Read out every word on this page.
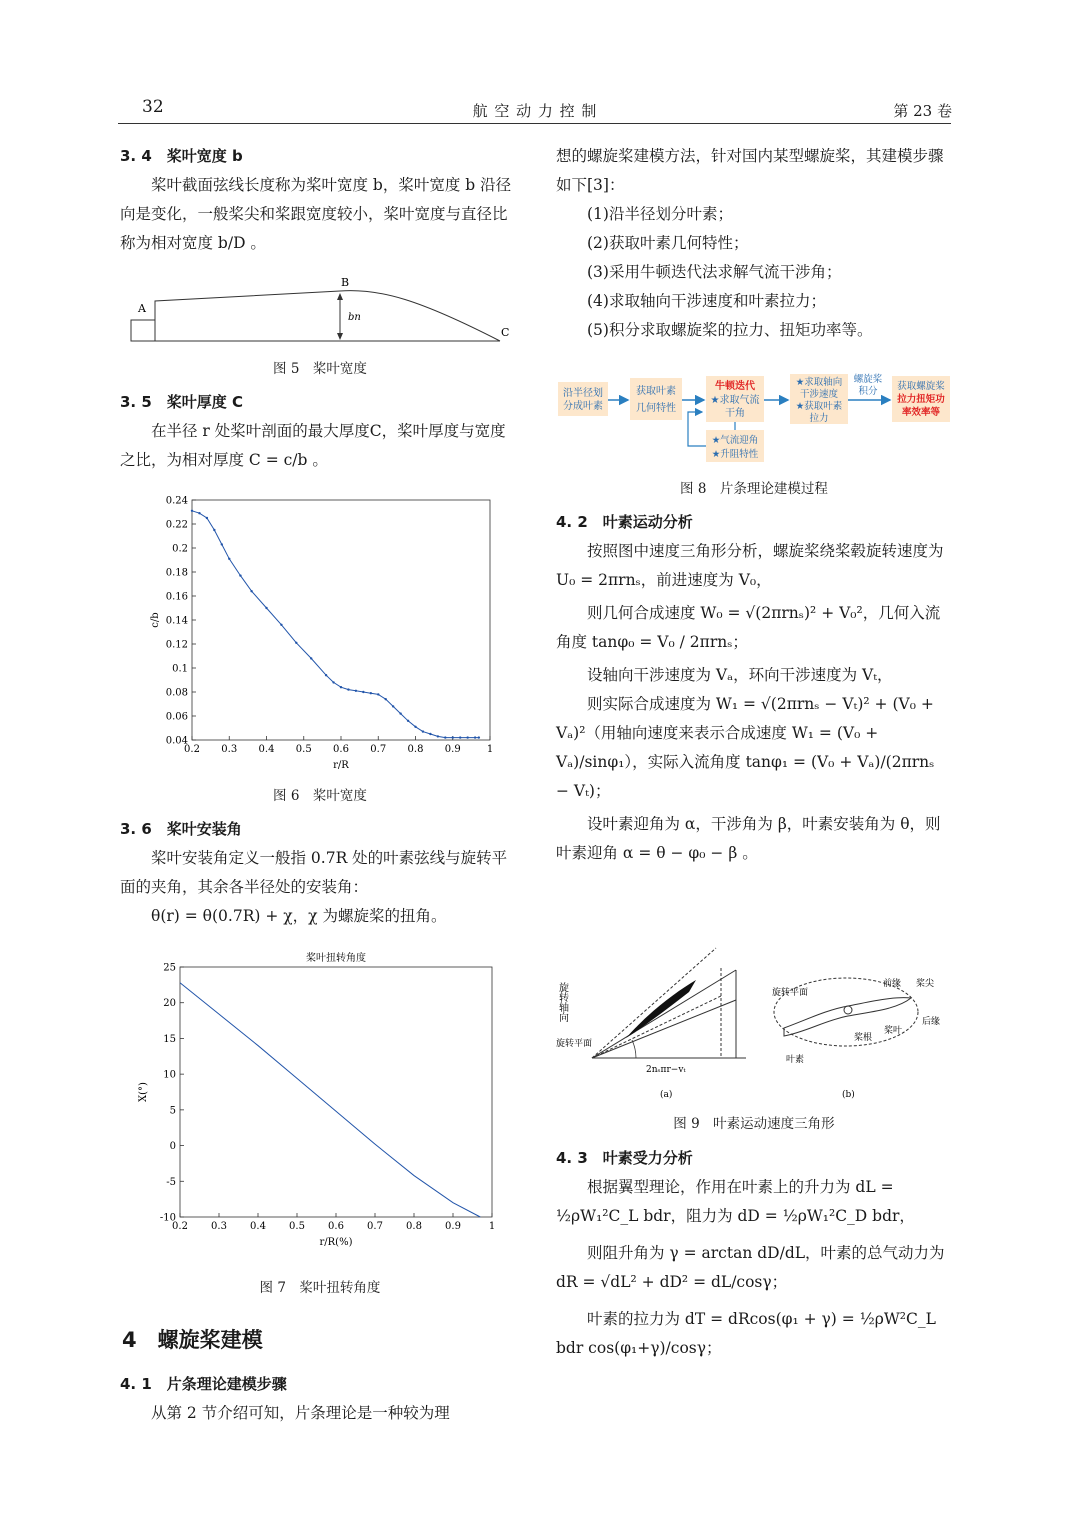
32	航 空 动 力 控 制	第 23 卷
3. 4　桨叶宽度 b

桨叶截面弦线长度称为桨叶宽度 b，桨叶宽度 b 沿径向是变化，一般桨尖和桨跟宽度较小，桨叶宽度与直径比称为相对宽度 b/D 。

A
B
C
bn
图 5　桨叶宽度
3. 5　桨叶厚度 C

在半径 r 处桨叶剖面的最大厚度C，桨叶厚度与宽度之比，为相对厚度 C = c/b 。

0.2 0.3 0.4 0.5 0.6 0.7 0.8 0.9	1
0.04
0.06
0.08
0.1
0.12
0.14
0.16
0.18
0.2
0.22
0.24
r/R
c/b
图 6　桨叶宽度
3. 6　桨叶安装角

桨叶安装角定义一般指 0.7R 处的叶素弦线与旋转平面的夹角，其余各半径处的安装角：

θ(r) = θ(0.7R) + χ，χ 为螺旋桨的扭角。

0.2 0.3 0.4 0.5 0.6 0.7 0.8 0.9	1
-10
-5
0
5
10
15
20
25
r/R(%)
X(°)
桨叶扭转角度
图 7　桨叶扭转角度
4　螺旋桨建模
4. 1　片条理论建模步骤

从第 2 节介绍可知，片条理论是一种较为理

想的螺旋桨建模方法，针对国内某型螺旋桨，其建模步骤如下[3]：

(1)沿半径划分叶素；

(2)获取叶素几何特性；

(3)采用牛顿迭代法求解气流干涉角；

(4)求取轴向干涉速度和叶素拉力；

(5)积分求取螺旋桨的拉力、扭矩功率等。

沿半径划
分成叶素
获取叶素
几何特性
牛顿迭代
★求取气流
干角
★求取轴向
干涉速度
★获取叶素
拉力
螺旋桨
积分 获取螺旋桨
拉力扭矩功
率效率等
★气流迎角
★升阻特性
图 8　片条理论建模过程
4. 2　叶素运动分析

按照图中速度三角形分析，螺旋桨绕桨毂旋转速度为 U₀ = 2πrnₛ，前进速度为 V₀，

则几何合成速度 W₀ = √(2πrnₛ)² + V₀²，几何入流角度 tanφ₀ = V₀ / 2πrnₛ；

设轴向干涉速度为 Vₐ，环向干涉速度为 Vₜ，

则实际合成速度为 W₁ = √(2πrnₛ − Vₜ)² + (V₀ + Vₐ)²（用轴向速度来表示合成速度 W₁ = (V₀ + Vₐ)/sinφ₁），实际入流角度 tanφ₁ = (V₀ + Vₐ)/(2πrnₛ − Vₜ)；

设叶素迎角为 α，干涉角为 β，叶素安装角为 θ，则叶素迎角 α = θ − φ₀ − β 。

旋转轴向
旋转平面
2nₛπr−vₜ
(a)
旋转平面
前缘 桨尖
后缘
桨叶
桨根
叶素
(b)
图 9　叶素运动速度三角形
4. 3　叶素受力分析

根据翼型理论，作用在叶素上的升力为 dL = ½ρW₁²C_L bdr，阻力为 dD = ½ρW₁²C_D bdr，

则阻升角为 γ = arctan dD/dL，叶素的总气动力为 dR = √dL² + dD² = dL/cosγ；

叶素的拉力为 dT = dRcos(φ₁ + γ) = ½ρW²C_L bdr cos(φ₁+γ)/cosγ；
